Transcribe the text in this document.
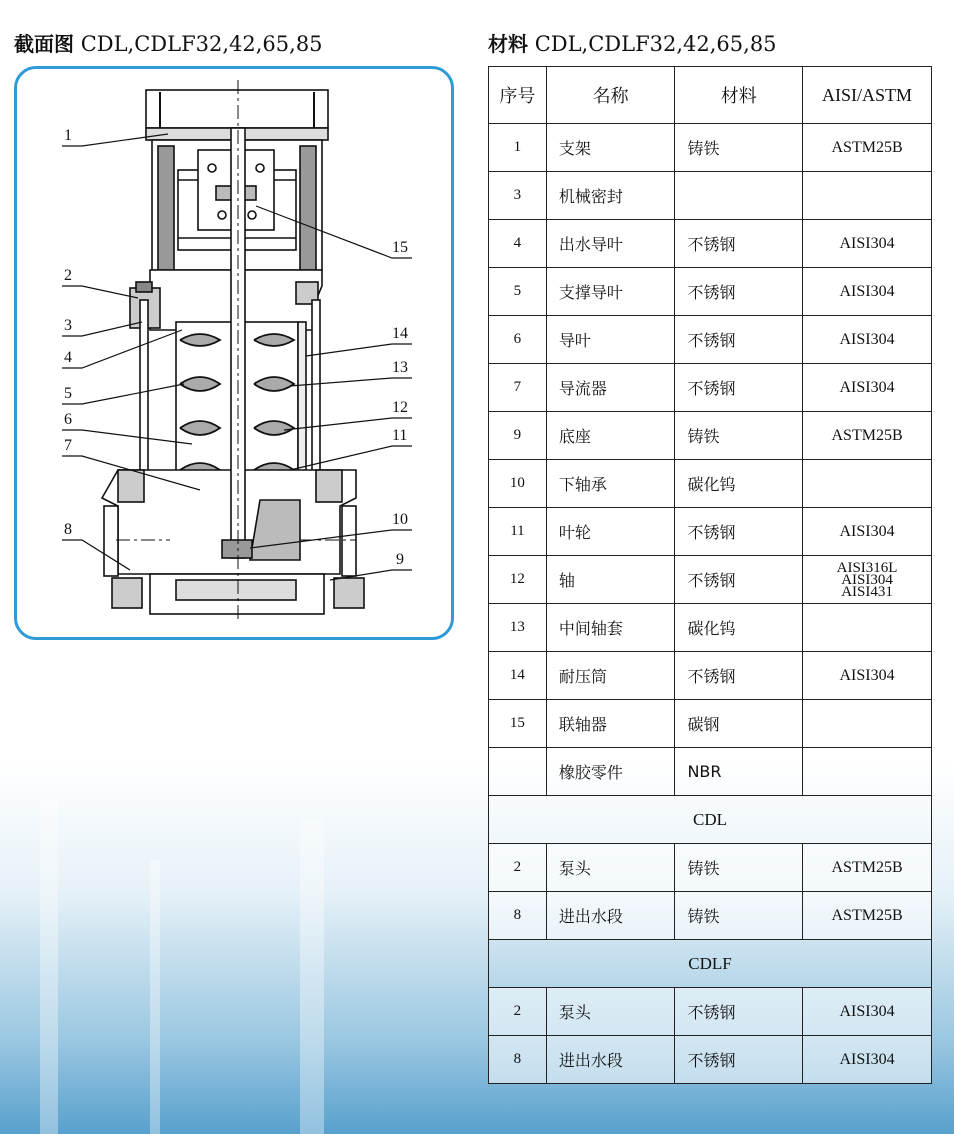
截面图 CDL,CDLF32,42,65,85	材料 CDL,CDLF32,42,65,85
1
2
3
4
5
6
7
8
9
10
11
12
13
14
15
序号	名称	材料	AISI/ASTM
1	支架	铸铁	ASTM25B
3	机械密封		
4	出水导叶	不锈钢	AISI304
5	支撑导叶	不锈钢	AISI304
6	导叶	不锈钢	AISI304
7	导流器	不锈钢	AISI304
9	底座	铸铁	ASTM25B
10	下轴承	碳化钨	
11	叶轮	不锈钢	AISI304
12	轴	不锈钢	AISI316L
AISI304
AISI431

13	中间轴套	碳化钨	
14	耐压筒	不锈钢	AISI304
15	联轴器	碳钢	
	橡胶零件	NBR	
CDL			
2	泵头	铸铁	ASTM25B
8	进出水段	铸铁	ASTM25B
CDLF			
2	泵头	不锈钢	AISI304
8	进出水段	不锈钢	AISI304
